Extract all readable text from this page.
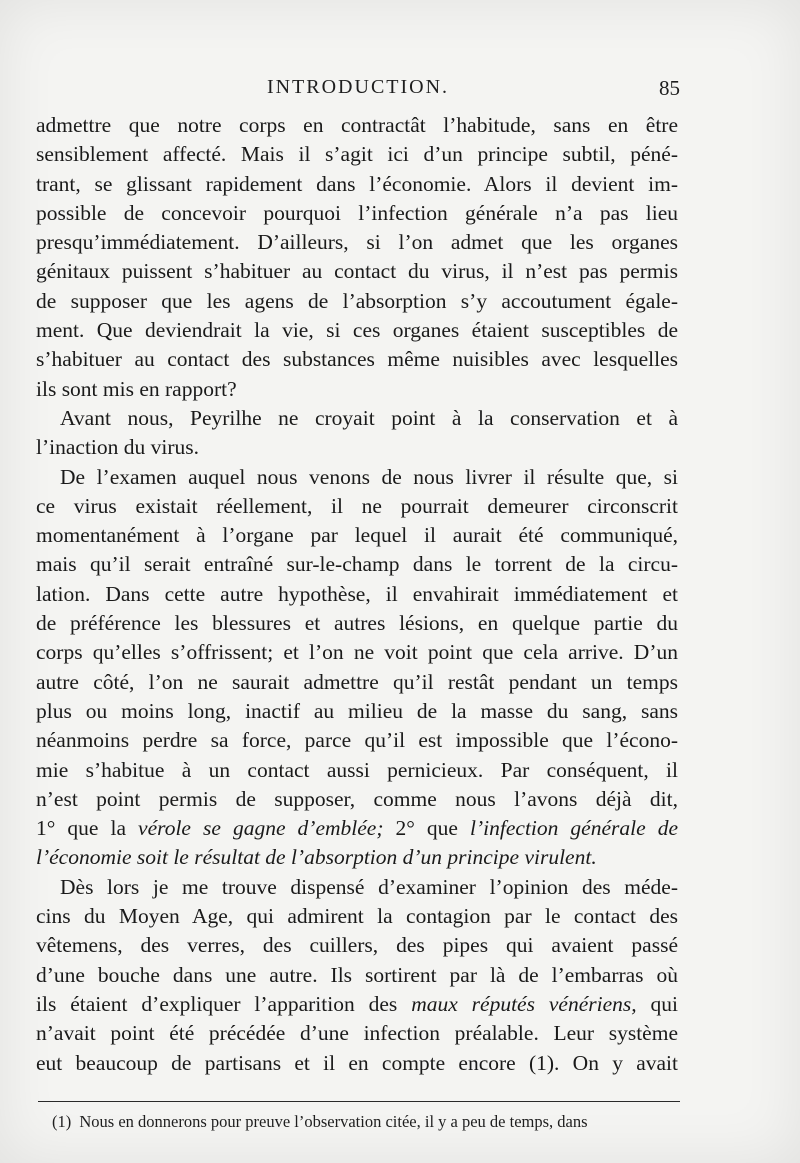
INTRODUCTION.	85
admettre que notre corps en contractât l’habitude, sans en être
sensiblement affecté. Mais il s’agit ici d’un principe subtil, péné-
trant, se glissant rapidement dans l’économie. Alors il devient im-
possible de concevoir pourquoi l’infection générale n’a pas lieu
presqu’immédiatement. D’ailleurs, si l’on admet que les organes
génitaux puissent s’habituer au contact du virus, il n’est pas permis
de supposer que les agens de l’absorption s’y accoutument égale-
ment. Que deviendrait la vie, si ces organes étaient susceptibles de
s’habituer au contact des substances même nuisibles avec lesquelles
ils sont mis en rapport?
Avant nous, Peyrilhe ne croyait point à la conservation et à
l’inaction du virus.
De l’examen auquel nous venons de nous livrer il résulte que, si
ce virus existait réellement, il ne pourrait demeurer circonscrit
momentanément à l’organe par lequel il aurait été communiqué,
mais qu’il serait entraîné sur-le-champ dans le torrent de la circu-
lation. Dans cette autre hypothèse, il envahirait immédiatement et
de préférence les blessures et autres lésions, en quelque partie du
corps qu’elles s’offrissent; et l’on ne voit point que cela arrive. D’un
autre côté, l’on ne saurait admettre qu’il restât pendant un temps
plus ou moins long, inactif au milieu de la masse du sang, sans
néanmoins perdre sa force, parce qu’il est impossible que l’écono-
mie s’habitue à un contact aussi pernicieux. Par conséquent, il
n’est point permis de supposer, comme nous l’avons déjà dit,
1° que la vérole se gagne d’emblée; 2° que l’infection générale de
l’économie soit le résultat de l’absorption d’un principe virulent.
Dès lors je me trouve dispensé d’examiner l’opinion des méde-
cins du Moyen Age, qui admirent la contagion par le contact des
vêtemens, des verres, des cuillers, des pipes qui avaient passé
d’une bouche dans une autre. Ils sortirent par là de l’embarras où
ils étaient d’expliquer l’apparition des maux réputés vénériens, qui
n’avait point été précédée d’une infection préalable. Leur système
eut beaucoup de partisans et il en compte encore (1). On y avait
(1) Nous en donnerons pour preuve l’observation citée, il y a peu de temps, dans
